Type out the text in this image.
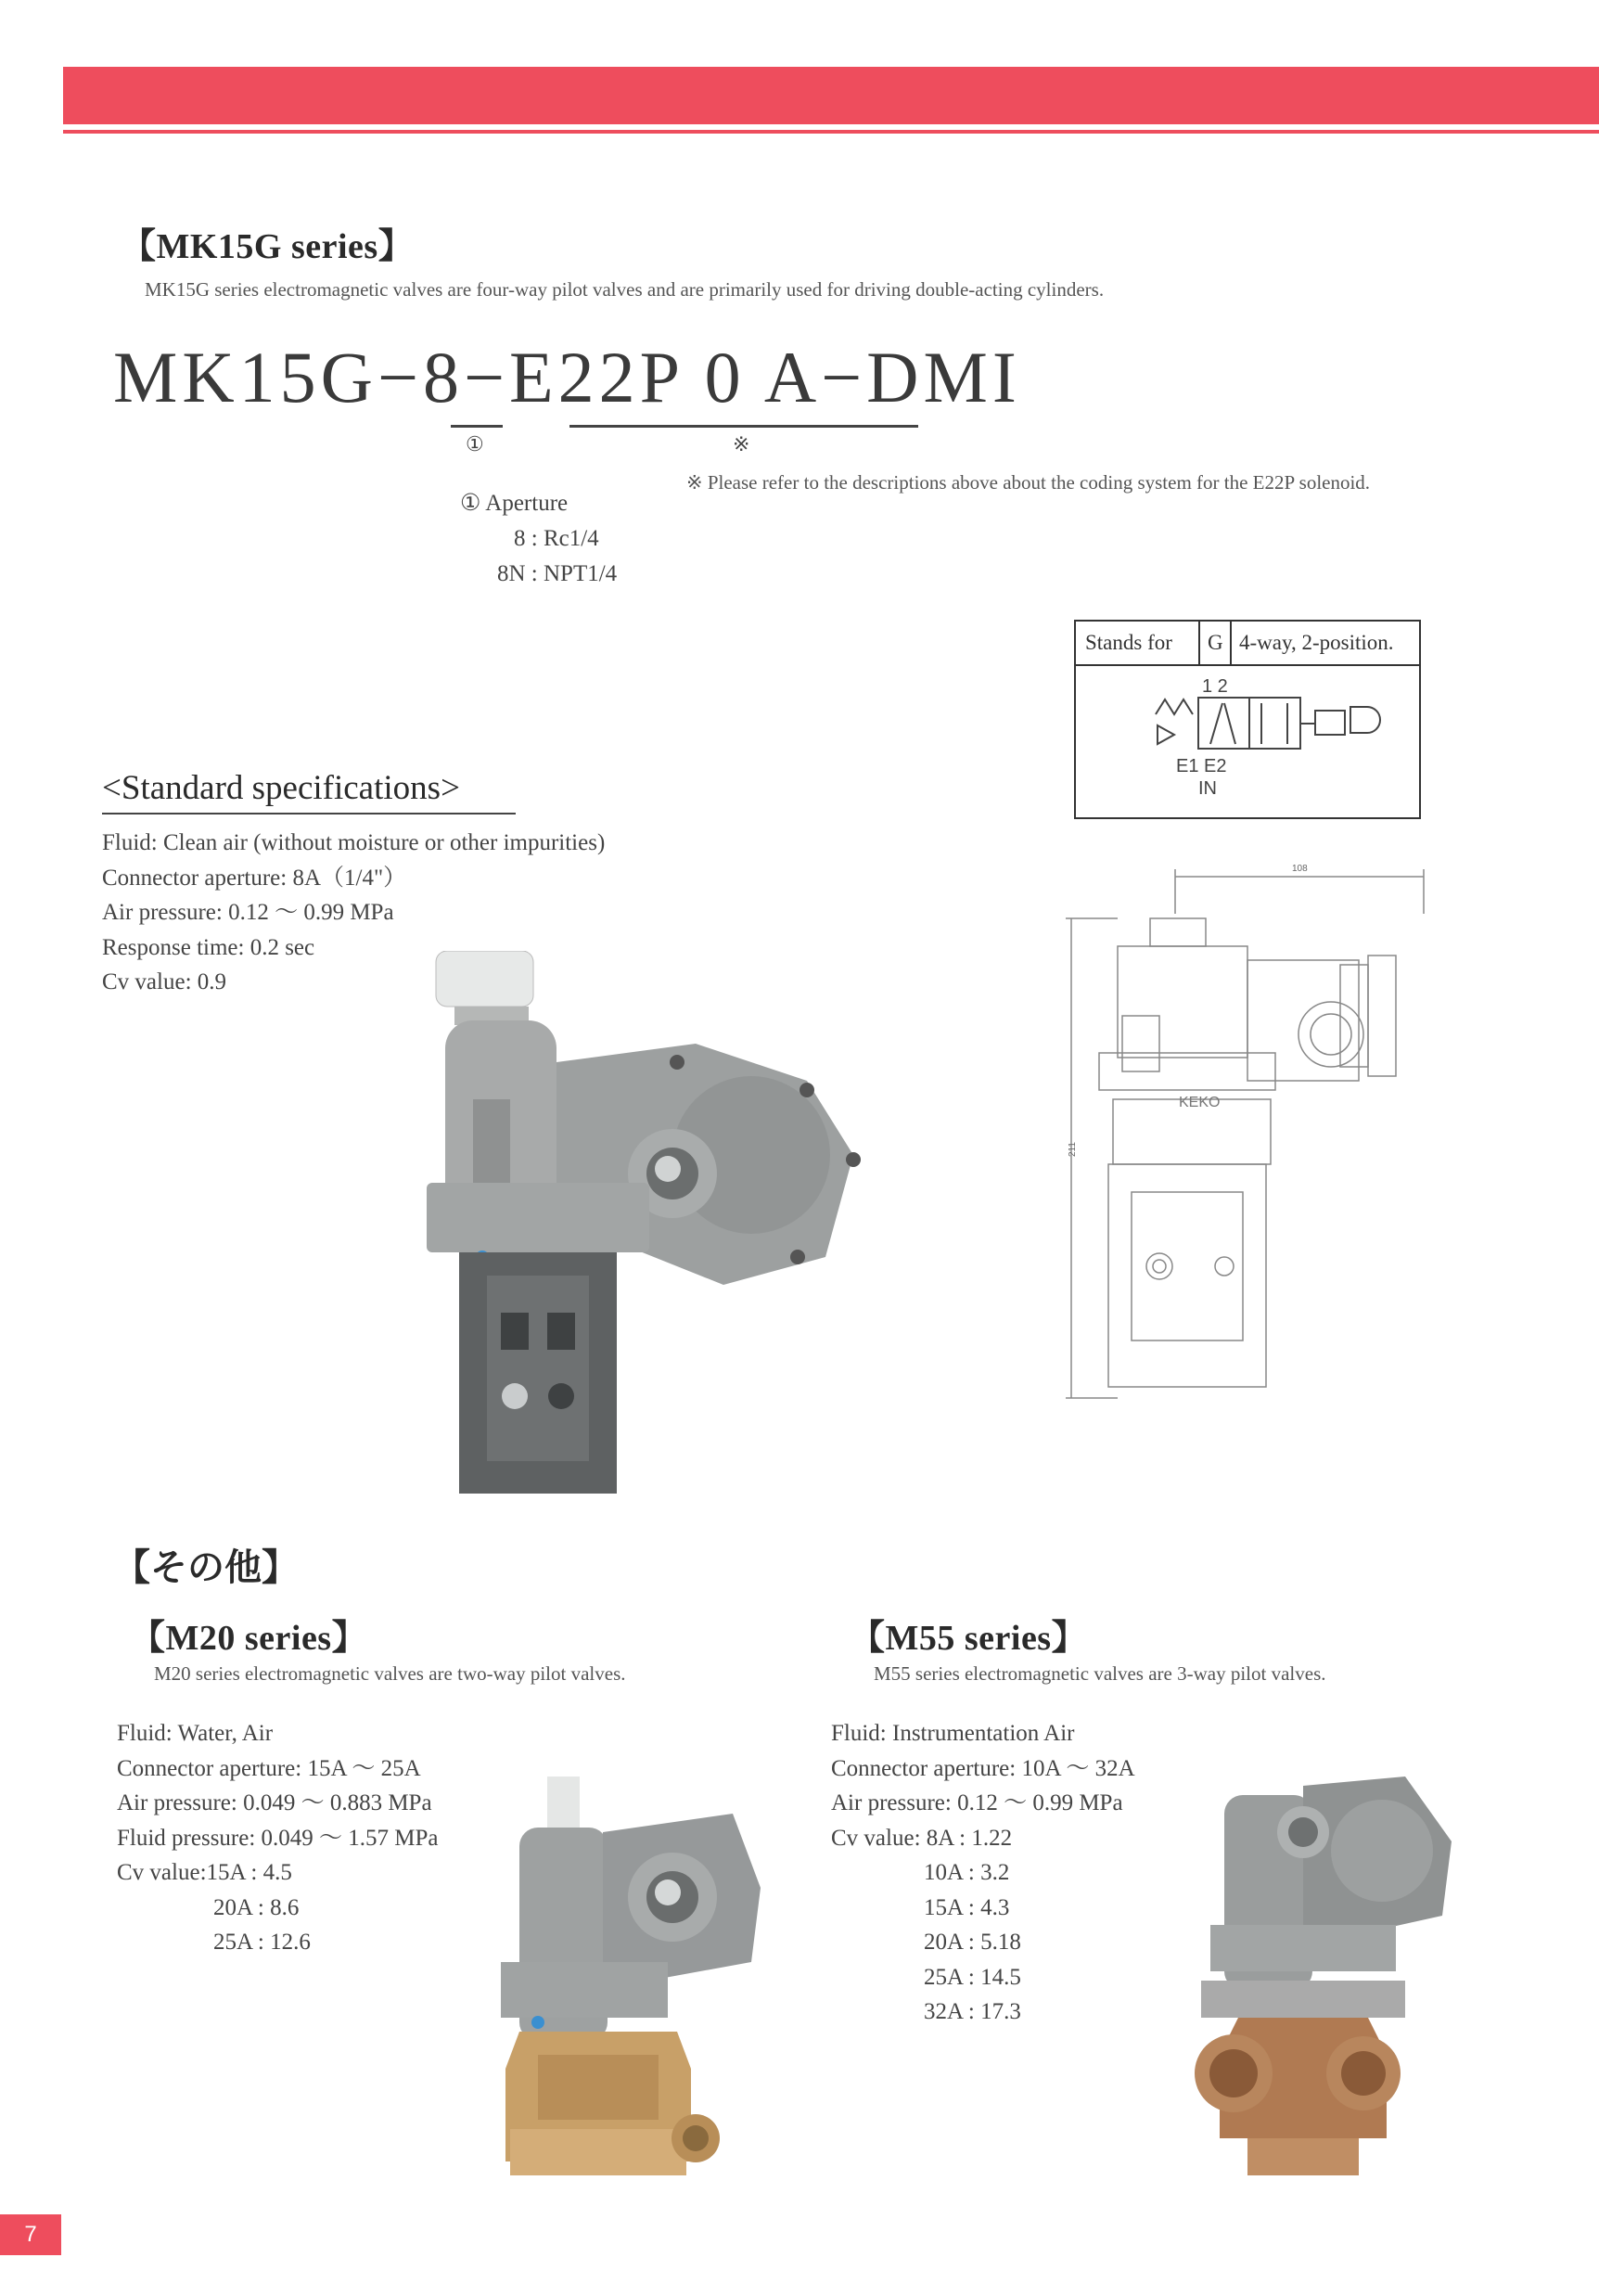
【MK15G series】
MK15G series electromagnetic valves are four-way pilot valves and are primarily used for driving double-acting cylinders.
MK15G−8−E22P 0 A−DMI
①	※
※ Please refer to the descriptions above about the coding system for the E22P solenoid.
① Aperture
8 : Rc1/4
8N : NPT1/4
Stands for G 4-way, 2-position.
1 2
E1 E2
IN
<Standard specifications>
Fluid: Clean air (without moisture or other impurities)
Connector aperture: 8A（1/4"）
Air pressure: 0.12 ～ 0.99 MPa
Response time: 0.2 sec
Cv value: 0.9
108
211
KEKO
【その他】
【M20 series】
M20 series electromagnetic valves are two-way pilot valves.
Fluid: Water, Air
Connector aperture: 15A ～ 25A
Air pressure: 0.049 ～ 0.883 MPa
Fluid pressure: 0.049 ～ 1.57 MPa
Cv value:15A : 4.5
20A : 8.6
25A : 12.6
【M55 series】
M55 series electromagnetic valves are 3-way pilot valves.
Fluid: Instrumentation Air
Connector aperture: 10A ～ 32A
Air pressure: 0.12 ～ 0.99 MPa
Cv value: 8A : 1.22
10A : 3.2
15A : 4.3
20A : 5.18
25A : 14.5
32A : 17.3
7
